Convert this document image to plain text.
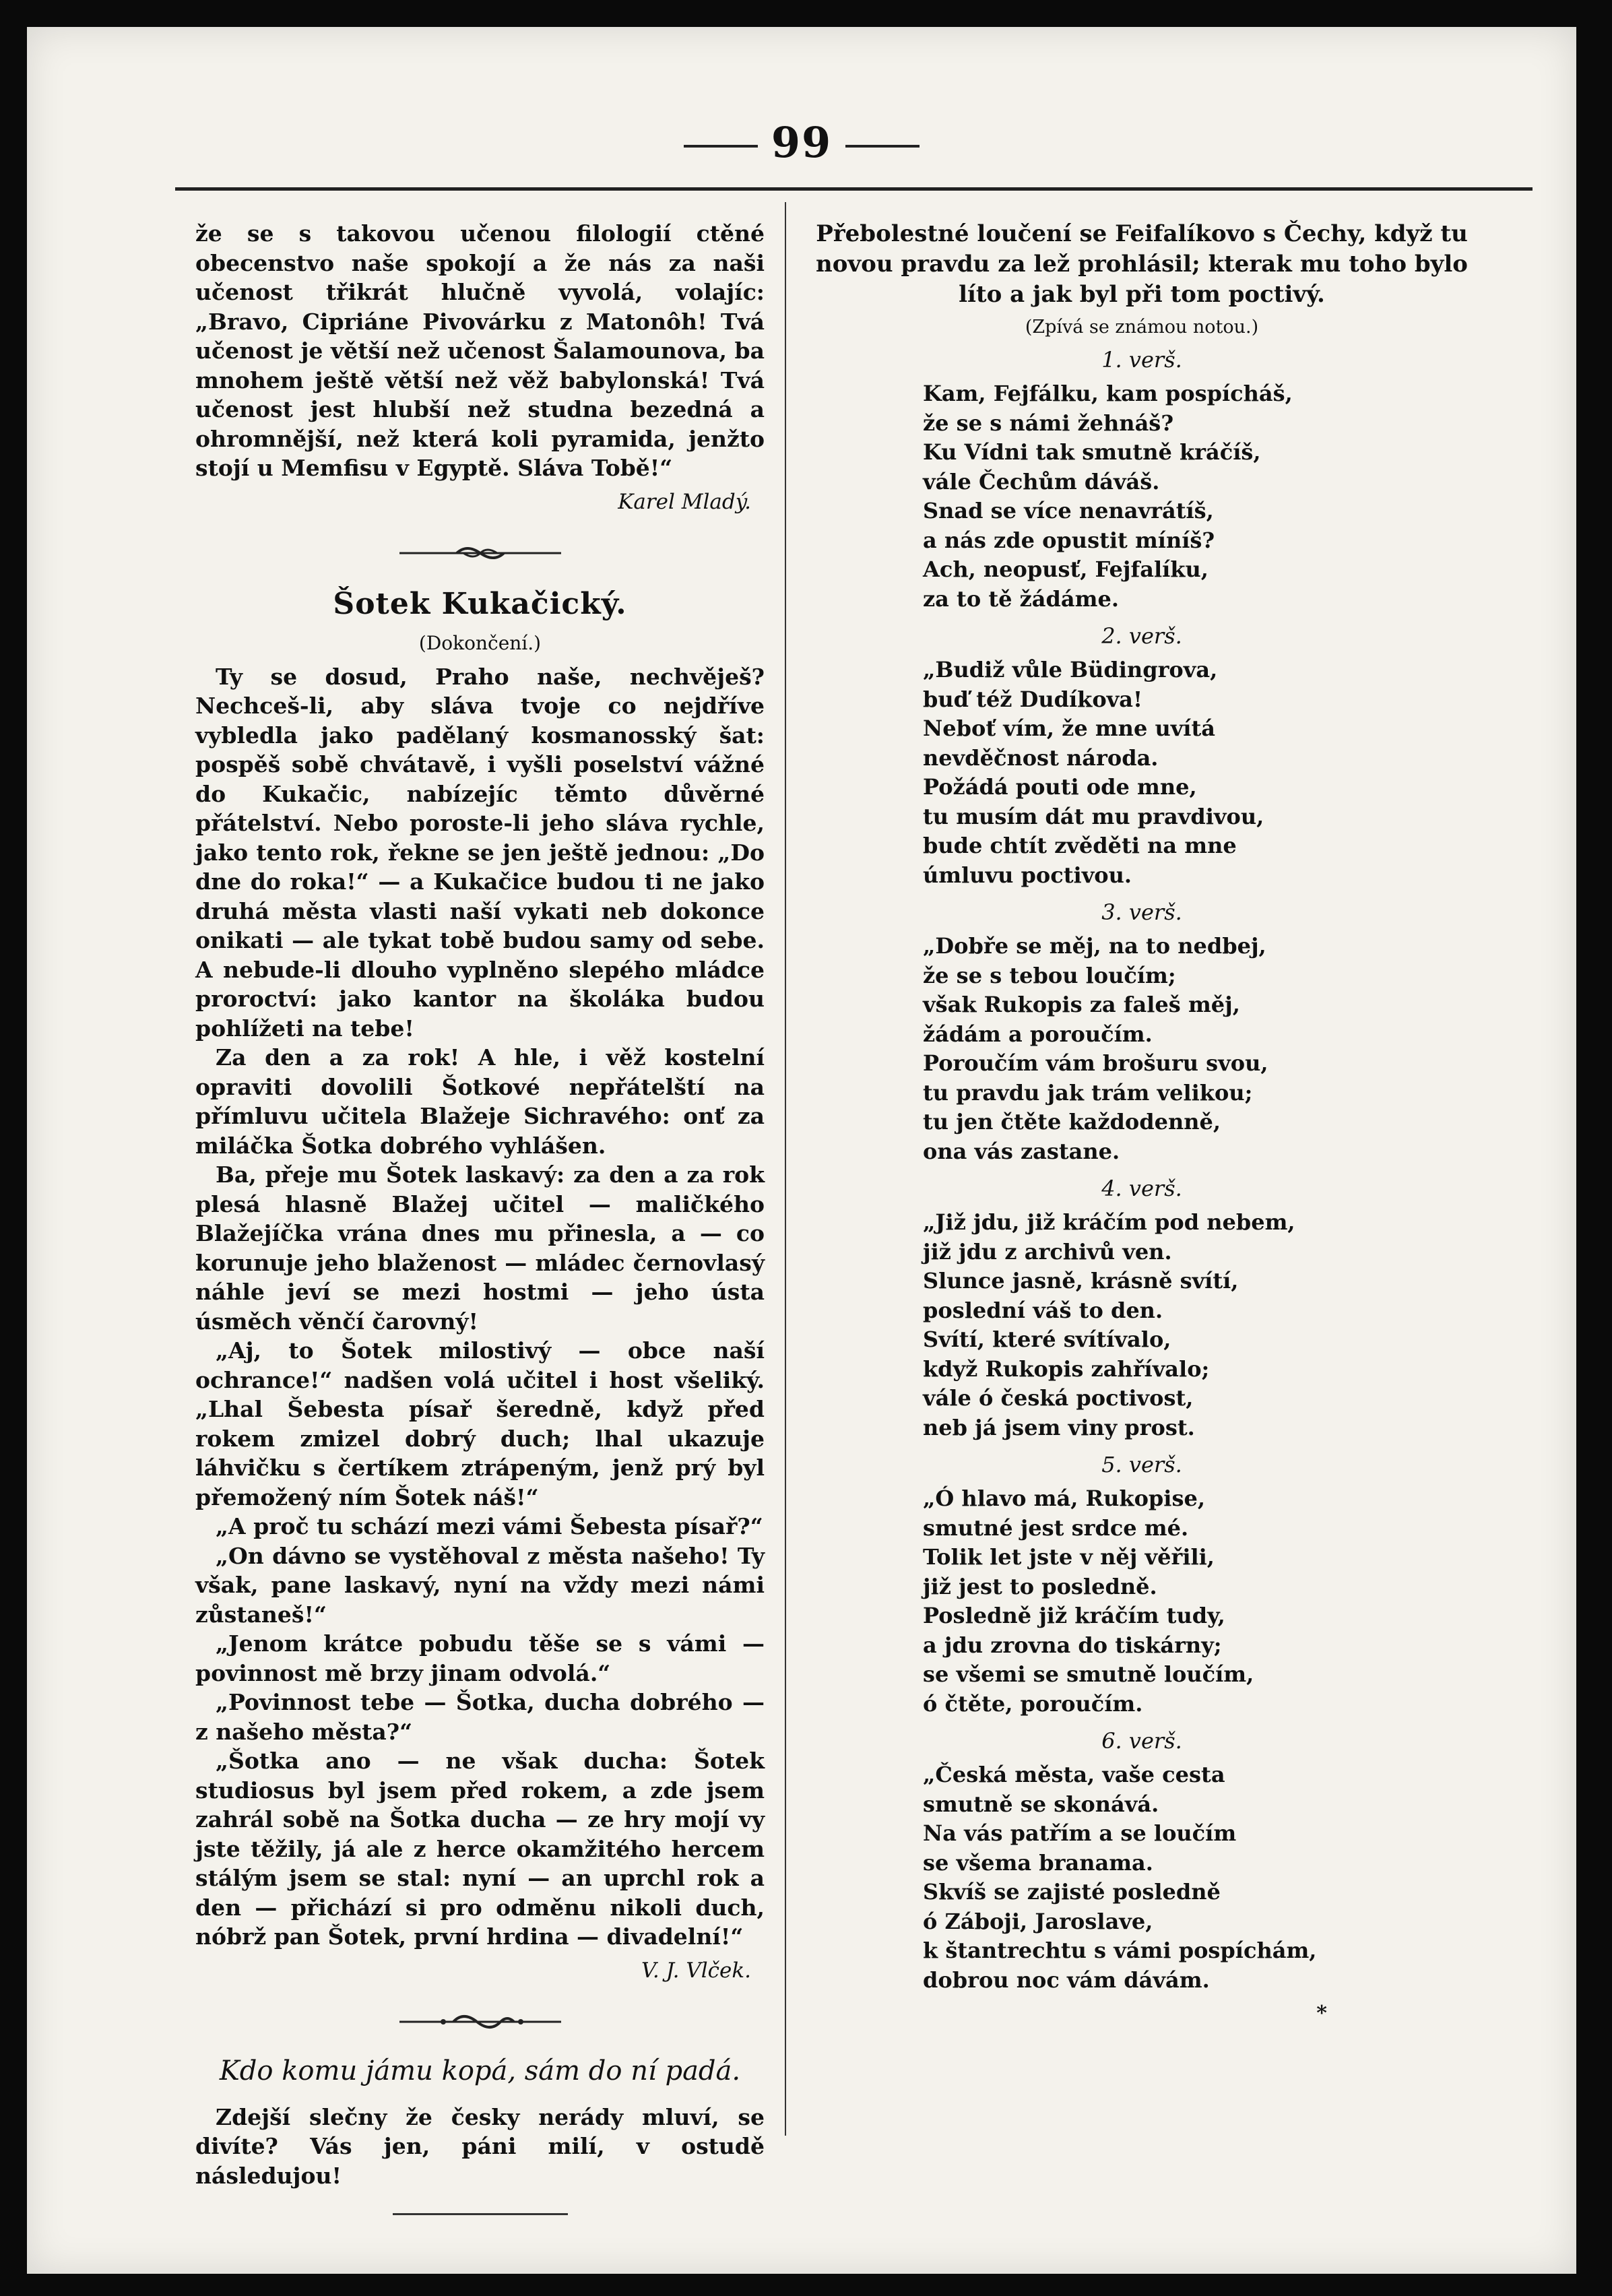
99

že se s takovou učenou filologií ctěné obecenstvo naše spokojí a že nás za naši učenost třikrát hlučně vyvolá, volajíc: „Bravo, Cipriáne Pivovárku z Matonôh! Tvá učenost je větší než učenost Šalamounova, ba mnohem ještě větší než věž babylonská! Tvá učenost jest hlubší než studna bezedná a ohromnější, než která koli pyramida, jenžto stojí u Memfisu v Egyptě. Sláva Tobě!“

Karel Mladý.

Šotek Kukačický.
(Dokončení.)

Ty se dosud, Praho naše, nechvěješ? Nechceš-li, aby sláva tvoje co nejdříve vybledla jako padělaný kosmanosský šat: pospěš sobě chvátavě, i vyšli poselství vážné do Kukačic, nabízejíc těmto důvěrné přátelství. Nebo poroste-li jeho sláva rychle, jako tento rok, řekne se jen ještě jednou: „Do dne do roka!“ — a Kukačice budou ti ne jako druhá města vlasti naší vykati neb dokonce onikati — ale tykat tobě budou samy od sebe. A nebude-li dlouho vyplněno slepého mládce proroctví: jako kantor na školáka budou pohlížeti na tebe!

Za den a za rok! A hle, i věž kostelní opraviti dovolili Šotkové nepřátelští na přímluvu učitela Blažeje Sichravého: onť za miláčka Šotka dobrého vyhlášen.

Ba, přeje mu Šotek laskavý: za den a za rok plesá hlasně Blažej učitel — maličkého Blažejíčka vrána dnes mu přinesla, a — co korunuje jeho blaženost — mládec černovlasý náhle jeví se mezi hostmi — jeho ústa úsměch věnčí čarovný!

„Aj, to Šotek milostivý — obce naší ochrance!“ nadšen volá učitel i host všeliký. „Lhal Šebesta písař šeredně, když před rokem zmizel dobrý duch; lhal ukazuje láhvičku s čertíkem ztrápeným, jenž prý byl přemožený ním Šotek náš!“

„A proč tu schází mezi vámi Šebesta písař?“

„On dávno se vystěhoval z města našeho! Ty však, pane laskavý, nyní na vždy mezi námi zůstaneš!“

„Jenom krátce pobudu těše se s vámi — povinnost mě brzy jinam odvolá.“

„Povinnost tebe — Šotka, ducha dobrého — z našeho města?“

„Šotka ano — ne však ducha: Šotek studiosus byl jsem před rokem, a zde jsem zahrál sobě na Šotka ducha — ze hry mojí vy jste těžily, já ale z herce okamžitého hercem stálým jsem se stal: nyní — an uprchl rok a den — přichází si pro odměnu nikoli duch, nóbrž pan Šotek, první hrdina — divadelní!“

V. J. Vlček.

Kdo komu jámu kopá, sám do ní padá.

Zdejší slečny že česky nerády mluví, se divíte? Vás jen, páni milí, v ostudě následujou!

Přebolestné loučení se Feifalíkovo s Čechy, když tu novou pravdu za lež prohlásil; kterak mu toho bylo líto a jak byl při tom poctivý.
(Zpívá se známou notou.)
1. verš.
Kam, Fejfálku, kam pospícháš,
že se s námi žehnáš?
Ku Vídni tak smutně kráčíš,
vále Čechům dáváš.
Snad se více nenavrátíš,
a nás zde opustit míníš?
Ach, neopusť, Fejfalíku,
za to tě žádáme.
2. verš.
„Budiž vůle Büdingrova,
buď též Dudíkova!
Neboť vím, že mne uvítá
nevděčnost národa.
Požádá pouti ode mne,
tu musím dát mu pravdivou,
bude chtít zvěděti na mne
úmluvu poctivou.
3. verš.
„Dobře se měj, na to nedbej,
že se s tebou loučím;
však Rukopis za faleš měj,
žádám a poroučím.
Poroučím vám brošuru svou,
tu pravdu jak trám velikou;
tu jen čtěte každodenně,
ona vás zastane.
4. verš.
„Již jdu, již kráčím pod nebem,
již jdu z archivů ven.
Slunce jasně, krásně svítí,
poslední váš to den.
Svítí, které svítívalo,
když Rukopis zahřívalo;
vále ó česká poctivost,
neb já jsem viny prost.
5. verš.
„Ó hlavo má, Rukopise,
smutné jest srdce mé.
Tolik let jste v něj věřili,
již jest to posledně.
Posledně již kráčím tudy,
a jdu zrovna do tiskárny;
se všemi se smutně loučím,
ó čtěte, poroučím.
6. verš.
„Česká města, vaše cesta
smutně se skonává.
Na vás patřím a se loučím
se všema branama.
Skvíš se zajisté posledně
ó Záboji, Jaroslave,
k štantrechtu s vámi pospíchám,
dobrou noc vám dávám.
*
